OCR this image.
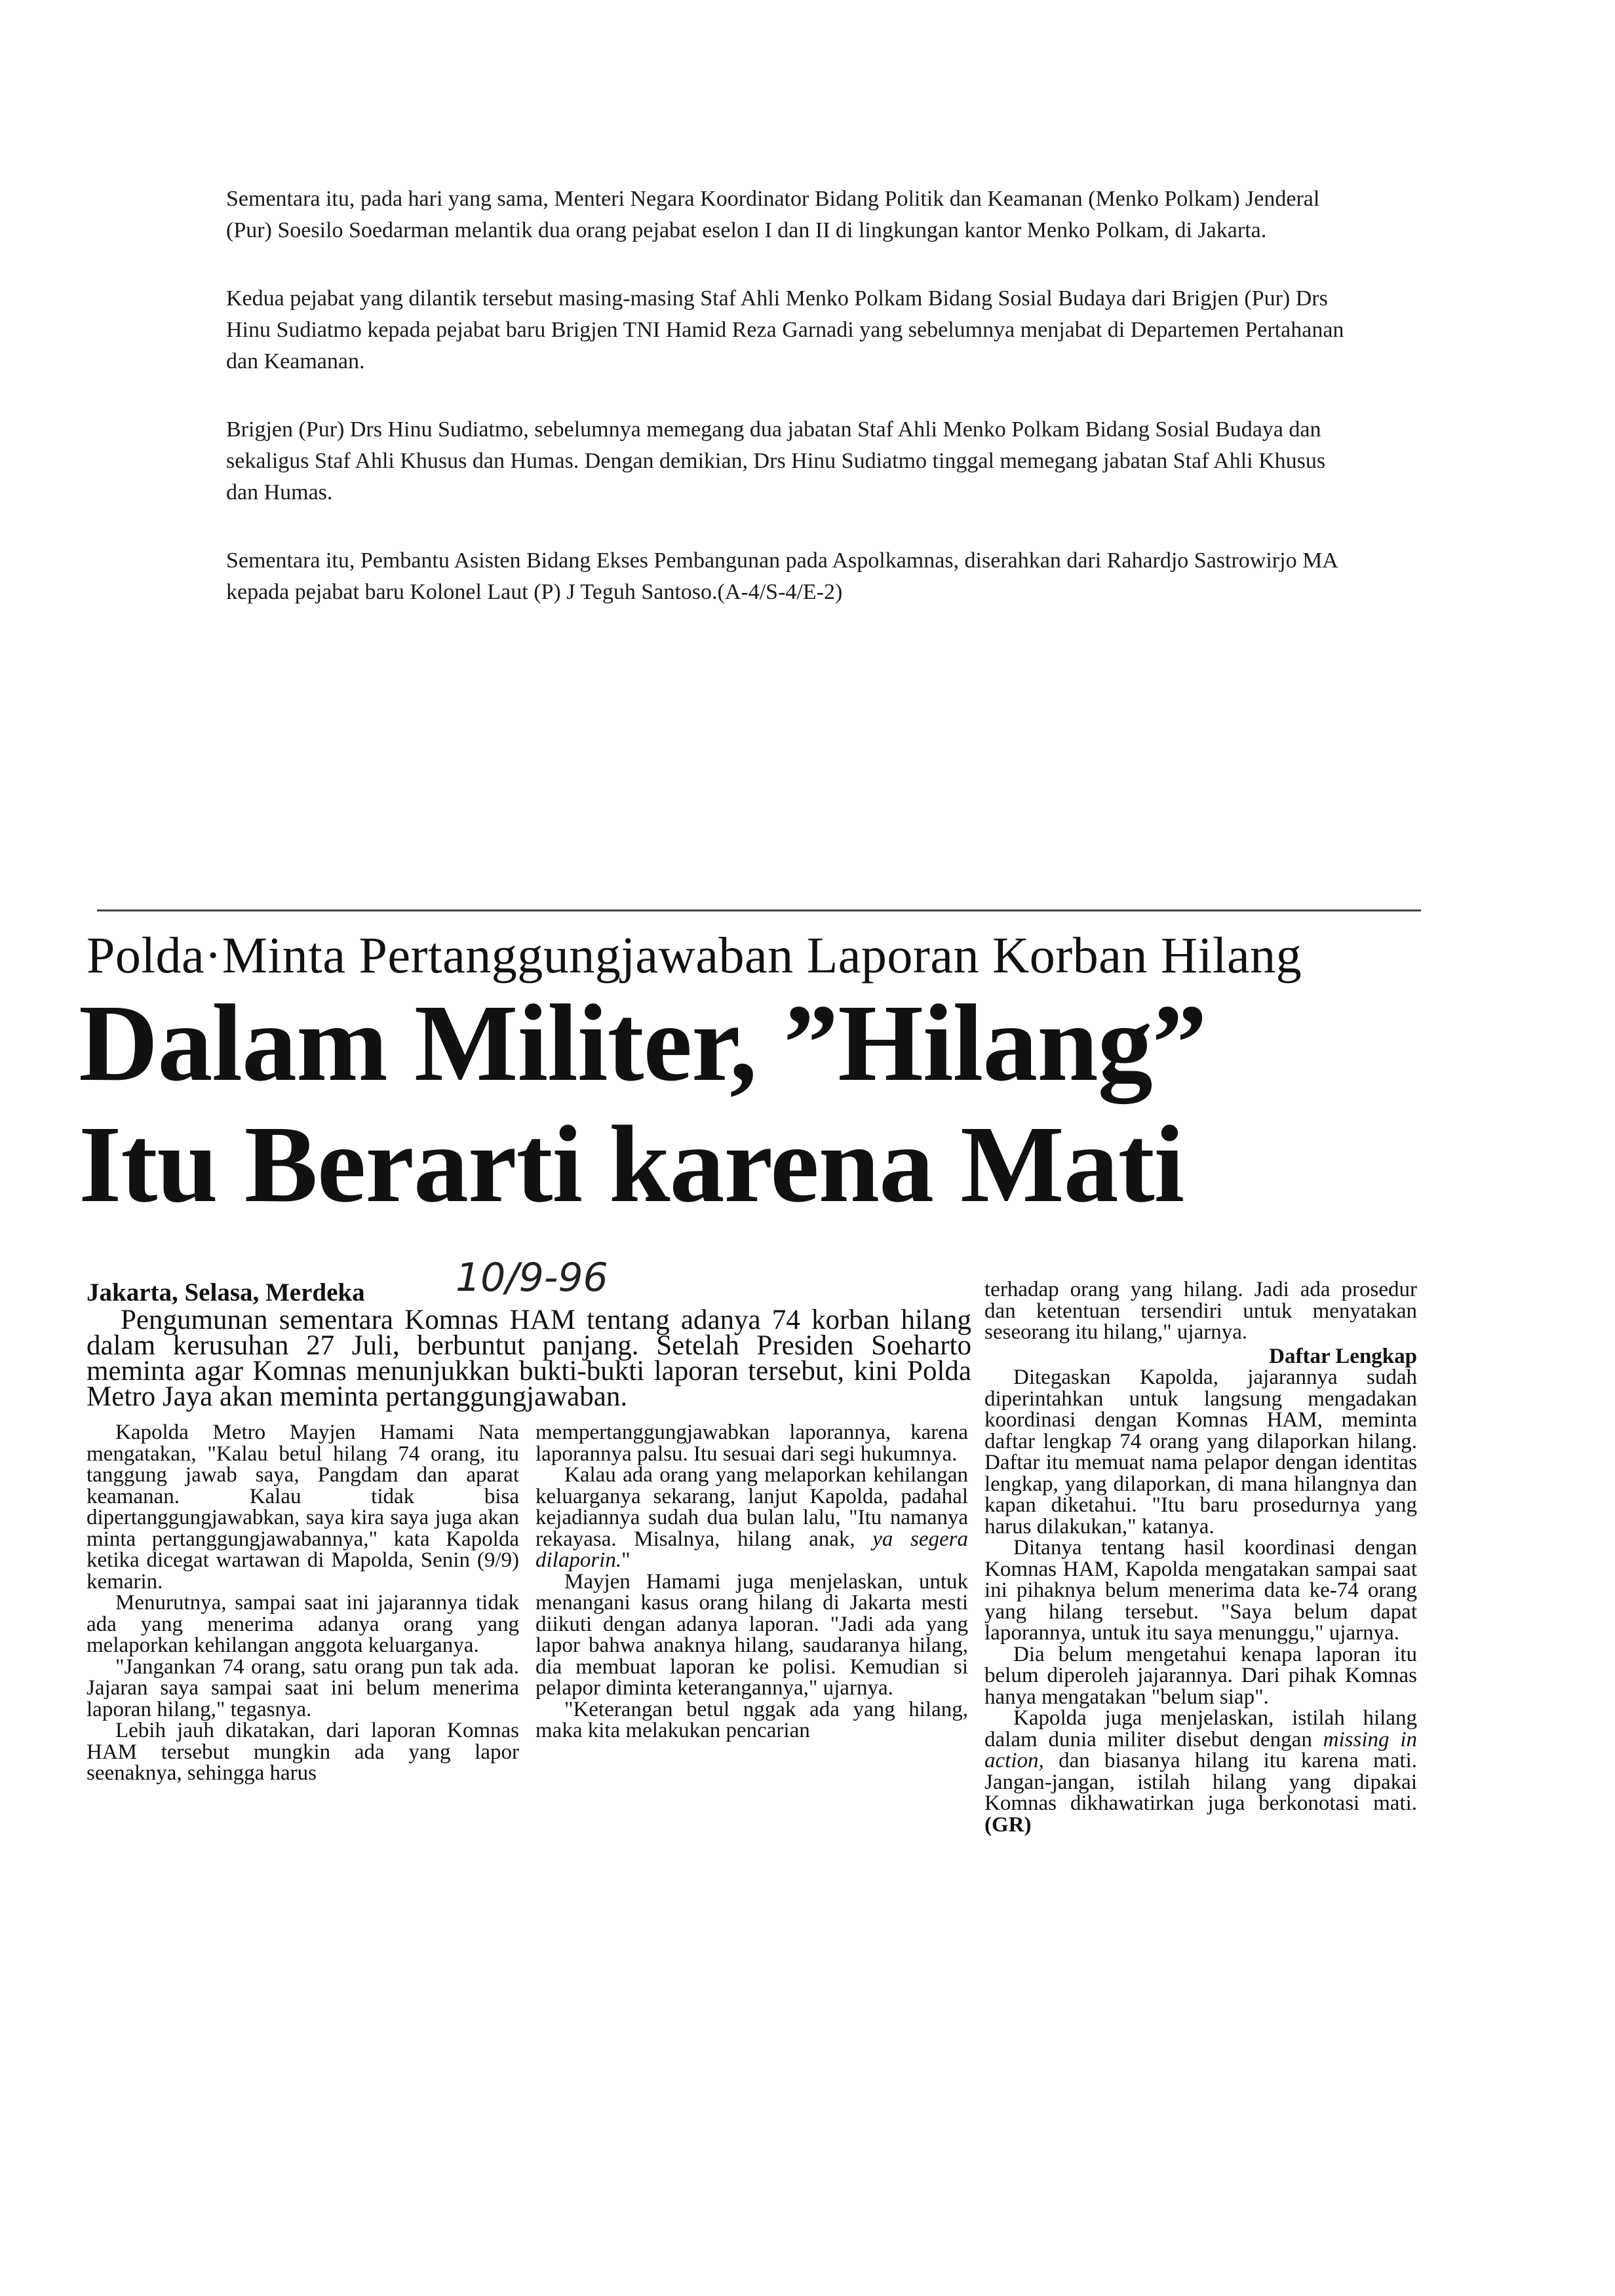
Sementara itu, pada hari yang sama, Menteri Negara Koordinator Bidang Politik dan Keamanan (Menko Polkam) Jenderal (Pur) Soesilo Soedarman melantik dua orang pejabat eselon I dan II di lingkungan kantor Menko Polkam, di Jakarta.

Kedua pejabat yang dilantik tersebut masing-masing Staf Ahli Menko Polkam Bidang Sosial Budaya dari Brigjen (Pur) Drs Hinu Sudiatmo kepada pejabat baru Brigjen TNI Hamid Reza Garnadi yang sebelumnya menjabat di Departemen Pertahanan dan Keamanan.

Brigjen (Pur) Drs Hinu Sudiatmo, sebelumnya memegang dua jabatan Staf Ahli Menko Polkam Bidang Sosial Budaya dan sekaligus Staf Ahli Khusus dan Humas. Dengan demikian, Drs Hinu Sudiatmo tinggal memegang jabatan Staf Ahli Khusus dan Humas.

Sementara itu, Pembantu Asisten Bidang Ekses Pembangunan pada Aspolkamnas, diserahkan dari Rahardjo Sastrowirjo MA kepada pejabat baru Kolonel Laut (P) J Teguh Santoso.(A-4/S-4/E-2)

Polda·Minta Pertanggungjawaban Laporan Korban Hilang
Dalam Militer, ”Hilang”
Itu Berarti karena Mati
Jakarta, Selasa, Merdeka 10/9-96

Pengumunan sementara Komnas HAM tentang adanya 74 korban hilang dalam kerusuhan 27 Juli, berbuntut panjang. Setelah Presiden Soeharto meminta agar Komnas menunjukkan bukti-bukti laporan tersebut, kini Polda Metro Jaya akan meminta pertanggungjawaban.

Kapolda Metro Mayjen Hamami Nata mengatakan, "Kalau betul hilang 74 orang, itu tanggung jawab saya, Pangdam dan aparat keamanan. Kalau tidak bisa dipertanggungjawabkan, saya kira saya juga akan minta pertanggungjawabannya," kata Kapolda ketika dicegat wartawan di Mapolda, Senin (9/9) kemarin.

Menurutnya, sampai saat ini jajarannya tidak ada yang menerima adanya orang yang melaporkan kehilangan anggota keluarganya.

"Jangankan 74 orang, satu orang pun tak ada. Jajaran saya sampai saat ini belum menerima laporan hilang," tegasnya.

Lebih jauh dikatakan, dari laporan Komnas HAM tersebut mungkin ada yang lapor seenaknya, sehingga harus

mempertanggungjawabkan laporannya, karena laporannya palsu. Itu sesuai dari segi hukumnya.

Kalau ada orang yang melaporkan kehilangan keluarganya sekarang, lanjut Kapolda, padahal kejadiannya sudah dua bulan lalu, "Itu namanya rekayasa. Misalnya, hilang anak, ya segera dilaporin."

Mayjen Hamami juga menjelaskan, untuk menangani kasus orang hilang di Jakarta mesti diikuti dengan adanya laporan. "Jadi ada yang lapor bahwa anaknya hilang, saudaranya hilang, dia membuat laporan ke polisi. Kemudian si pelapor diminta keterangannya," ujarnya.

"Keterangan betul nggak ada yang hilang, maka kita melakukan pencarian

terhadap orang yang hilang. Jadi ada prosedur dan ketentuan tersendiri untuk menyatakan seseorang itu hilang," ujarnya.

Daftar Lengkap

Ditegaskan Kapolda, jajarannya sudah diperintahkan untuk langsung mengadakan koordinasi dengan Komnas HAM, meminta daftar lengkap 74 orang yang dilaporkan hilang. Daftar itu memuat nama pelapor dengan identitas lengkap, yang dilaporkan, di mana hilangnya dan kapan diketahui. "Itu baru prosedurnya yang harus dilakukan," katanya.

Ditanya tentang hasil koordinasi dengan Komnas HAM, Kapolda mengatakan sampai saat ini pihaknya belum menerima data ke-74 orang yang hilang tersebut. "Saya belum dapat laporannya, untuk itu saya menunggu," ujarnya.

Dia belum mengetahui kenapa laporan itu belum diperoleh jajarannya. Dari pihak Komnas hanya mengatakan "belum siap".

Kapolda juga menjelaskan, istilah hilang dalam dunia militer disebut dengan missing in action, dan biasanya hilang itu karena mati. Jangan-jangan, istilah hilang yang dipakai Komnas dikhawatirkan juga berkonotasi mati. (GR)
